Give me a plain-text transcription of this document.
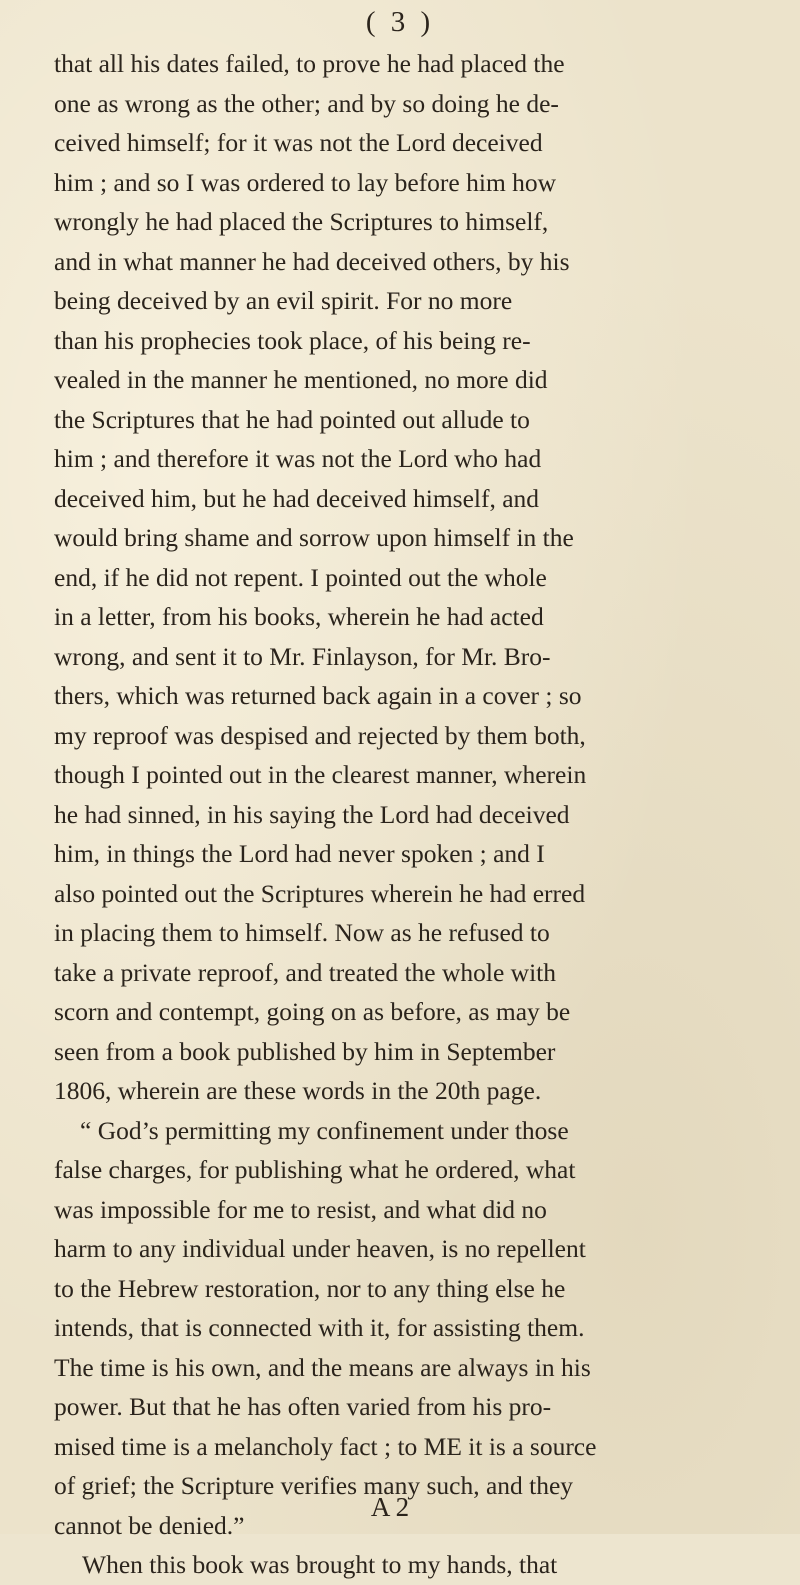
( 3 )
that all his dates failed, to prove he had placed the
one as wrong as the other; and by so doing he de-
ceived himself; for it was not the Lord deceived
him ; and so I was ordered to lay before him how
wrongly he had placed the Scriptures to himself,
and in what manner he had deceived others, by his
being deceived by an evil spirit. For no more
than his prophecies took place, of his being re-
vealed in the manner he mentioned, no more did
the Scriptures that he had pointed out allude to
him ; and therefore it was not the Lord who had
deceived him, but he had deceived himself, and
would bring shame and sorrow upon himself in the
end, if he did not repent. I pointed out the whole
in a letter, from his books, wherein he had acted
wrong, and sent it to Mr. Finlayson, for Mr. Bro-
thers, which was returned back again in a cover ; so
my reproof was despised and rejected by them both,
though I pointed out in the clearest manner, wherein
he had sinned, in his saying the Lord had deceived
him, in things the Lord had never spoken ; and I
also pointed out the Scriptures wherein he had erred
in placing them to himself. Now as he refused to
take a private reproof, and treated the whole with
scorn and contempt, going on as before, as may be
seen from a book published by him in September
1806, wherein are these words in the 20th page.
“ God’s permitting my confinement under those
false charges, for publishing what he ordered, what
was impossible for me to resist, and what did no
harm to any individual under heaven, is no repellent
to the Hebrew restoration, nor to any thing else he
intends, that is connected with it, for assisting them.
The time is his own, and the means are always in his
power. But that he has often varied from his pro-
mised time is a melancholy fact ; to ME it is a source
of grief; the Scripture verifies many such, and they
cannot be denied.”
When this book was brought to my hands, that
A 2
